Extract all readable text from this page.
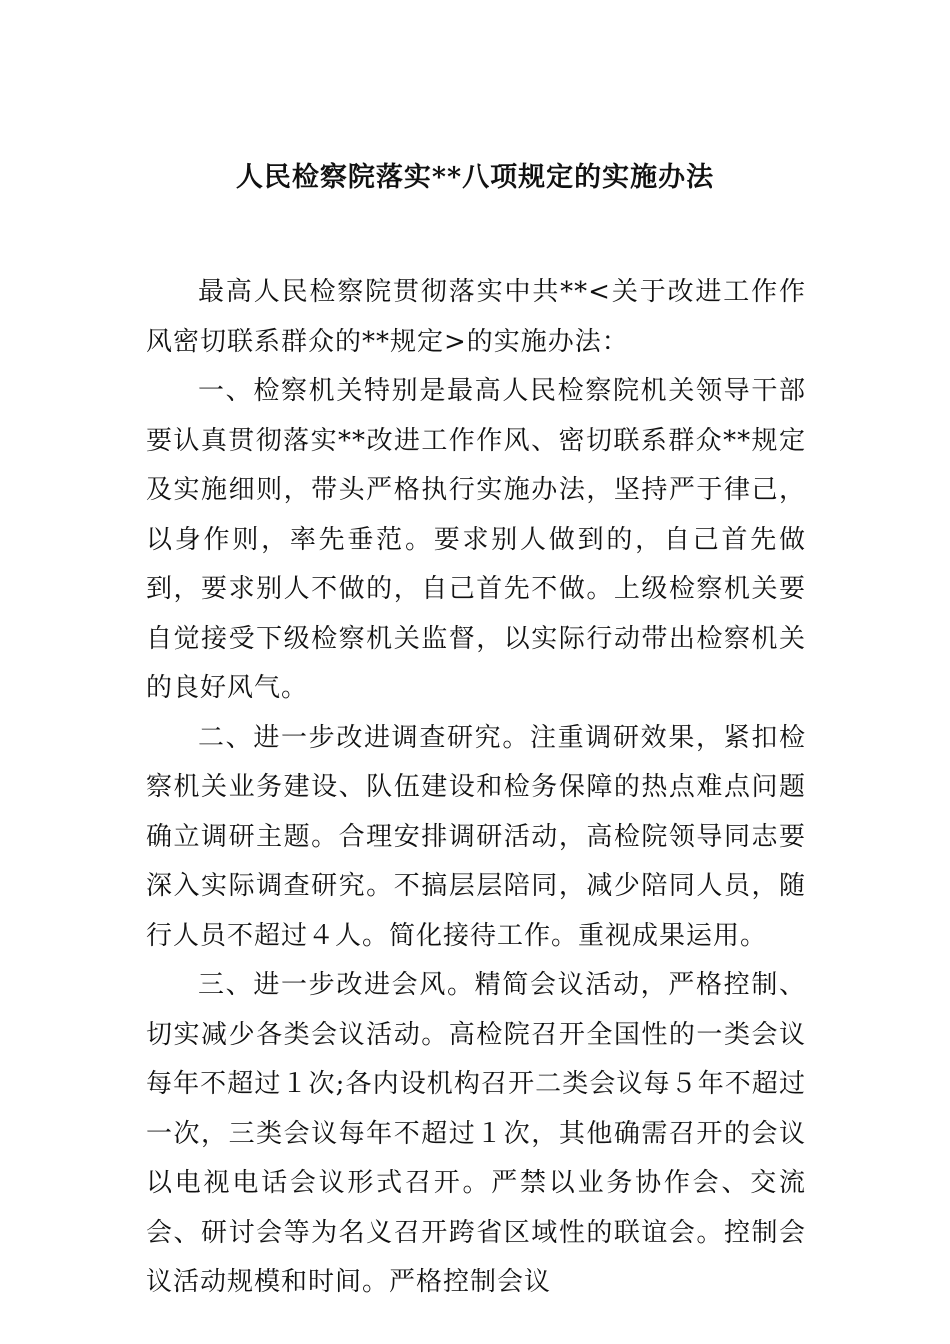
人民检察院落实**八项规定的实施办法

最高人民检察院贯彻落实中共**<关于改进工作作风密切联系群众的**规定>的实施办法：

一、检察机关特别是最高人民检察院机关领导干部要认真贯彻落实**改进工作作风、密切联系群众**规定及实施细则，带头严格执行实施办法，坚持严于律己，以身作则，率先垂范。要求别人做到的，自己首先做到，要求别人不做的，自己首先不做。上级检察机关要自觉接受下级检察机关监督，以实际行动带出检察机关的良好风气。

二、进一步改进调查研究。注重调研效果，紧扣检察机关业务建设、队伍建设和检务保障的热点难点问题确立调研主题。合理安排调研活动，高检院领导同志要深入实际调查研究。不搞层层陪同，减少陪同人员，随行人员不超过４人。简化接待工作。重视成果运用。

三、进一步改进会风。精简会议活动，严格控制、切实减少各类会议活动。高检院召开全国性的一类会议每年不超过１次;各内设机构召开二类会议每５年不超过一次，三类会议每年不超过１次，其他确需召开的会议以电视电话会议形式召开。严禁以业务协作会、交流会、研讨会等为名义召开跨省区域性的联谊会。控制会议活动规模和时间。严格控制会议
